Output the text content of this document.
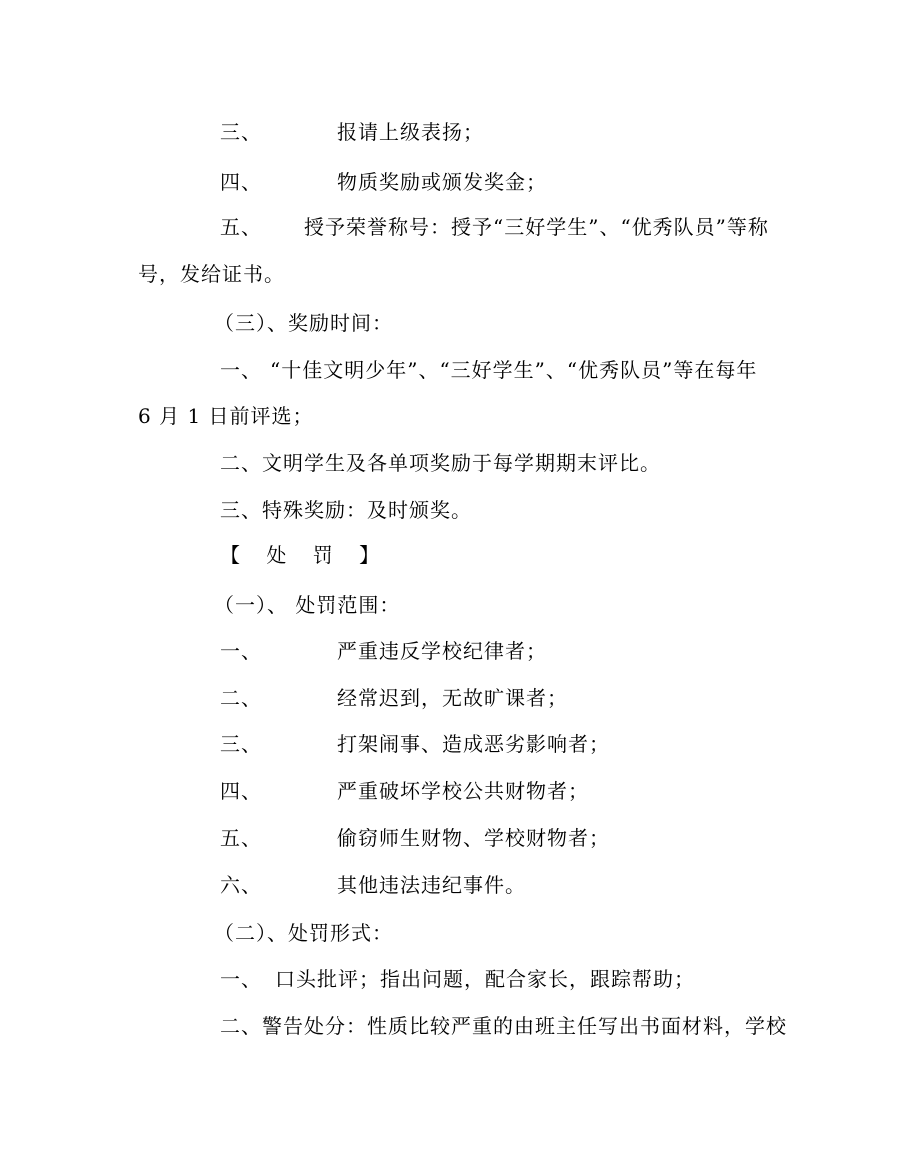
三、	报请上级表扬；
四、	物质奖励或颁发奖金；
五、 授予荣誉称号：授予“三好学生”、“优秀队员”等称
号，发给证书。
（三）、奖励时间：
一、 “十佳文明少年”、“三好学生”、“优秀队员”等在每年
6 月 1 日前评选；
二、文明学生及各单项奖励于每学期期末评比。
三、特殊奖励：及时颁奖。
【 处 罚 】
（一）、 处罚范围：
一、	严重违反学校纪律者；
二、	经常迟到，无故旷课者；
三、	打架闹事、造成恶劣影响者；
四、	严重破坏学校公共财物者；
五、	偷窃师生财物、学校财物者；
六、	其他违法违纪事件。
（二）、处罚形式：
一、 口头批评；指出问题，配合家长，跟踪帮助；
二、警告处分：性质比较严重的由班主任写出书面材料，学校
